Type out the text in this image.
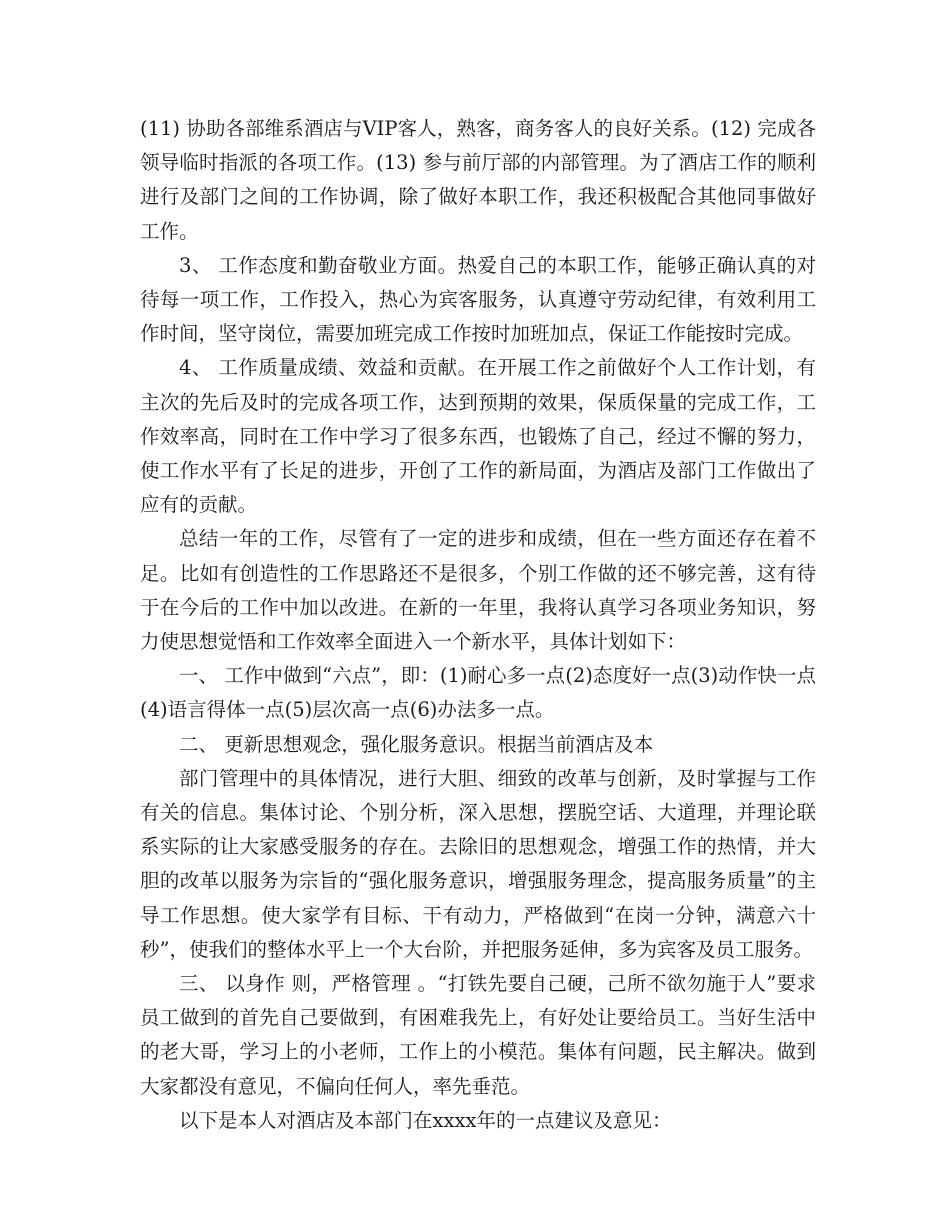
(11) 协助各部维系酒店与VIP客人，熟客，商务客人的良好关系。(12) 完成各领导临时指派的各项工作。(13) 参与前厅部的内部管理。为了酒店工作的顺利进行及部门之间的工作协调，除了做好本职工作，我还积极配合其他同事做好工作。

3、 工作态度和勤奋敬业方面。热爱自己的本职工作，能够正确认真的对待每一项工作，工作投入，热心为宾客服务，认真遵守劳动纪律，有效利用工作时间，坚守岗位，需要加班完成工作按时加班加点，保证工作能按时完成。

4、 工作质量成绩、效益和贡献。在开展工作之前做好个人工作计划，有主次的先后及时的完成各项工作，达到预期的效果，保质保量的完成工作，工作效率高，同时在工作中学习了很多东西，也锻炼了自己，经过不懈的努力，使工作水平有了长足的进步，开创了工作的新局面，为酒店及部门工作做出了应有的贡献。

总结一年的工作，尽管有了一定的进步和成绩，但在一些方面还存在着不足。比如有创造性的工作思路还不是很多，个别工作做的还不够完善，这有待于在今后的工作中加以改进。在新的一年里，我将认真学习各项业务知识，努力使思想觉悟和工作效率全面进入一个新水平，具体计划如下：

一、 工作中做到“六点”，即：(1)耐心多一点(2)态度好一点(3)动作快一点(4)语言得体一点(5)层次高一点(6)办法多一点。

二、 更新思想观念，强化服务意识。根据当前酒店及本

部门管理中的具体情况，进行大胆、细致的改革与创新，及时掌握与工作有关的信息。集体讨论、个别分析，深入思想，摆脱空话、大道理，并理论联系实际的让大家感受服务的存在。去除旧的思想观念，增强工作的热情，并大胆的改革以服务为宗旨的“强化服务意识，增强服务理念，提高服务质量”的主导工作思想。使大家学有目标、干有动力，严格做到“在岗一分钟，满意六十秒”，使我们的整体水平上一个大台阶，并把服务延伸，多为宾客及员工服务。

三、 以身作 则，严格管理 。“打铁先要自己硬，己所不欲勿施于人”要求员工做到的首先自己要做到，有困难我先上，有好处让要给员工。当好生活中的老大哥，学习上的小老师，工作上的小模范。集体有问题，民主解决。做到大家都没有意见，不偏向任何人，率先垂范。

以下是本人对酒店及本部门在xxxx年的一点建议及意见：
